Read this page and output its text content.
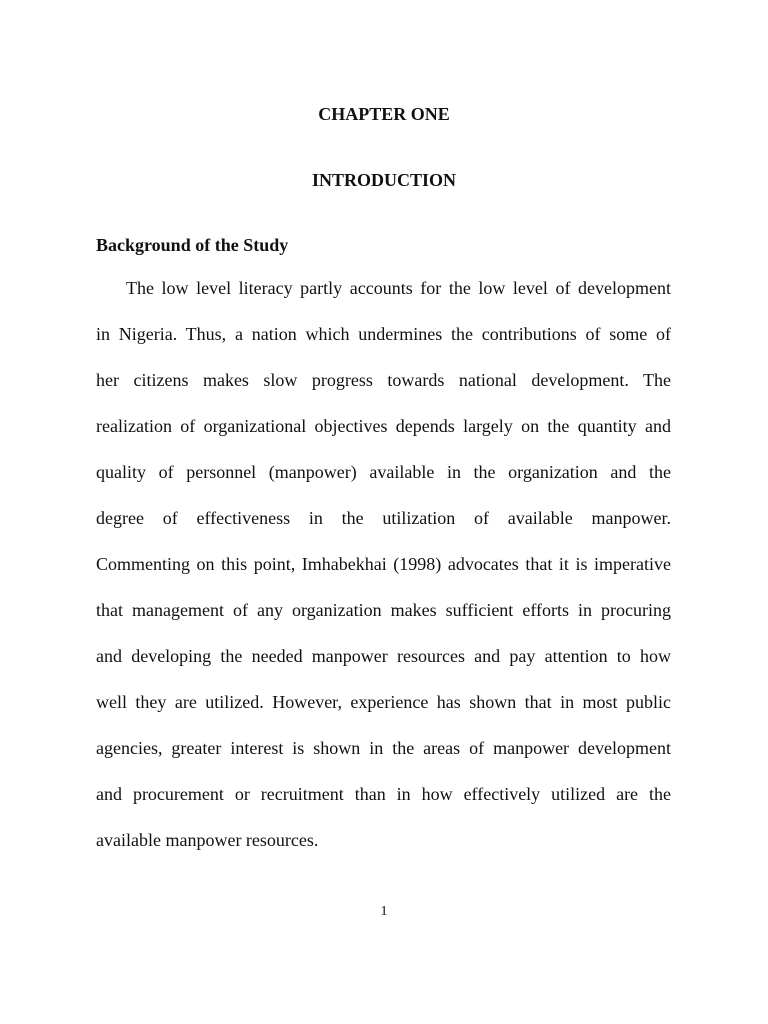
CHAPTER ONE
INTRODUCTION
Background of the Study
The low level literacy partly accounts for the low level of development
in Nigeria. Thus, a nation which undermines the contributions of some of
her citizens makes slow progress towards national development. The
realization of organizational objectives depends largely on the quantity and
quality of personnel (manpower) available in the organization and the
degree of effectiveness in the utilization of available manpower.
Commenting on this point, Imhabekhai (1998) advocates that it is imperative
that management of any organization makes sufficient efforts in procuring
and developing the needed manpower resources and pay attention to how
well they are utilized. However, experience has shown that in most public
agencies, greater interest is shown in the areas of manpower development
and procurement or recruitment than in how effectively utilized are the
available manpower resources.
1
